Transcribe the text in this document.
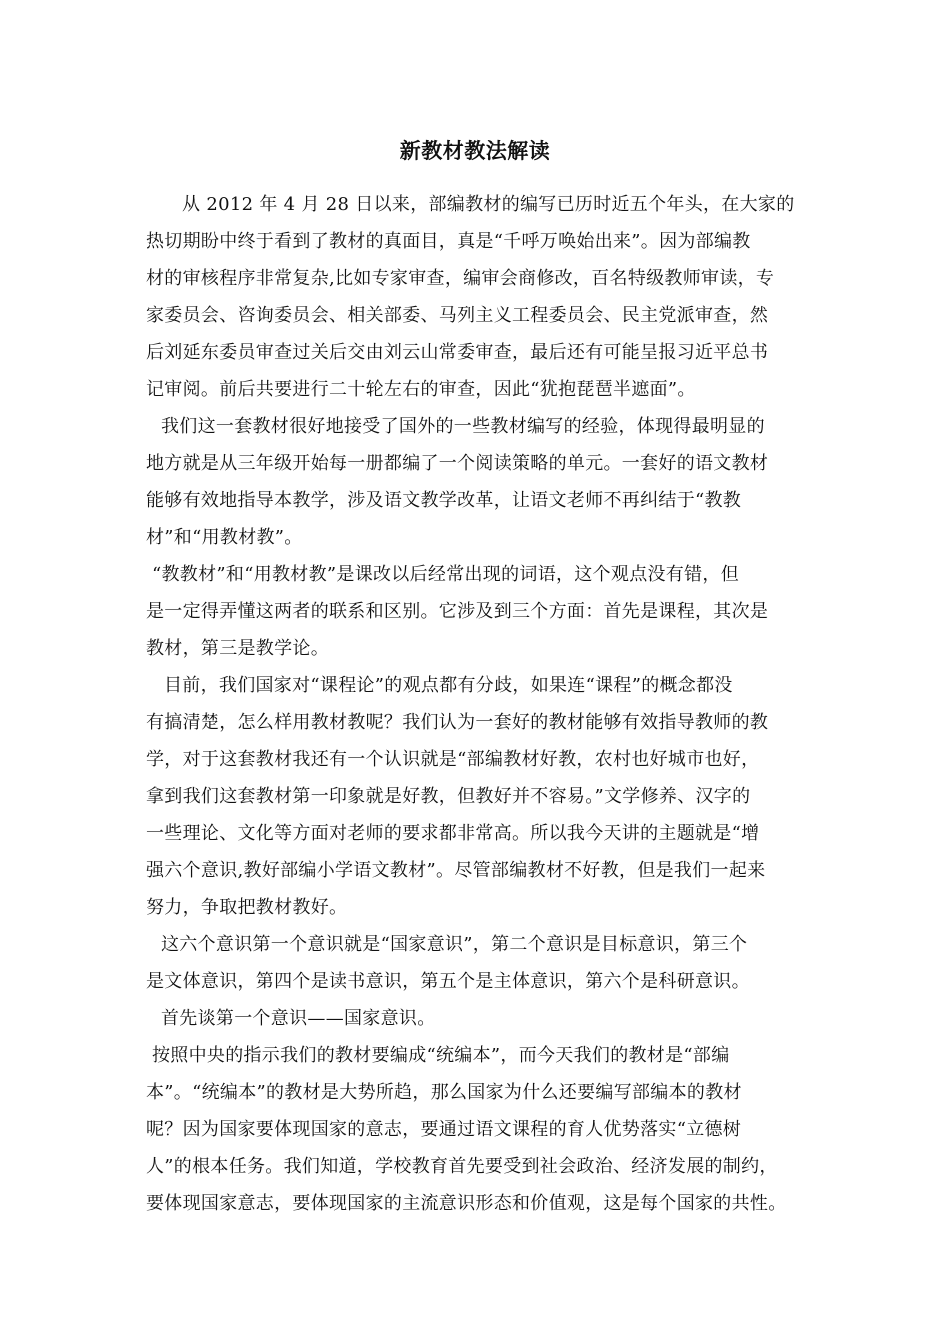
新教材教法解读
从 2012 年 4 月 28 日以来，部编教材的编写已历时近五个年头，在大家的
热切期盼中终于看到了教材的真面目，真是“千呼万唤始出来”。因为部编教
材的审核程序非常复杂,比如专家审查，编审会商修改，百名特级教师审读，专
家委员会、咨询委员会、相关部委、马列主义工程委员会、民主党派审查，然
后刘延东委员审查过关后交由刘云山常委审查，最后还有可能呈报习近平总书
记审阅。前后共要进行二十轮左右的审查，因此“犹抱琵琶半遮面”。
我们这一套教材很好地接受了国外的一些教材编写的经验，体现得最明显的
地方就是从三年级开始每一册都编了一个阅读策略的单元。一套好的语文教材
能够有效地指导本教学，涉及语文教学改革，让语文老师不再纠结于“教教
材”和“用教材教”。
“教教材”和“用教材教”是课改以后经常出现的词语，这个观点没有错，但
是一定得弄懂这两者的联系和区别。它涉及到三个方面：首先是课程，其次是
教材，第三是教学论。
目前，我们国家对“课程论”的观点都有分歧，如果连“课程”的概念都没
有搞清楚，怎么样用教材教呢？我们认为一套好的教材能够有效指导教师的教
学，对于这套教材我还有一个认识就是“部编教材好教，农村也好城市也好，
拿到我们这套教材第一印象就是好教，但教好并不容易。”文学修养、汉字的
一些理论、文化等方面对老师的要求都非常高。所以我今天讲的主题就是“增
强六个意识,教好部编小学语文教材”。尽管部编教材不好教，但是我们一起来
努力，争取把教材教好。
这六个意识第一个意识就是“国家意识”，第二个意识是目标意识，第三个
是文体意识，第四个是读书意识，第五个是主体意识，第六个是科研意识。
首先谈第一个意识——国家意识。
按照中央的指示我们的教材要编成“统编本”，而今天我们的教材是“部编
本”。“统编本”的教材是大势所趋，那么国家为什么还要编写部编本的教材
呢？因为国家要体现国家的意志，要通过语文课程的育人优势落实“立德树
人”的根本任务。我们知道，学校教育首先要受到社会政治、经济发展的制约，
要体现国家意志，要体现国家的主流意识形态和价值观，这是每个国家的共性。
